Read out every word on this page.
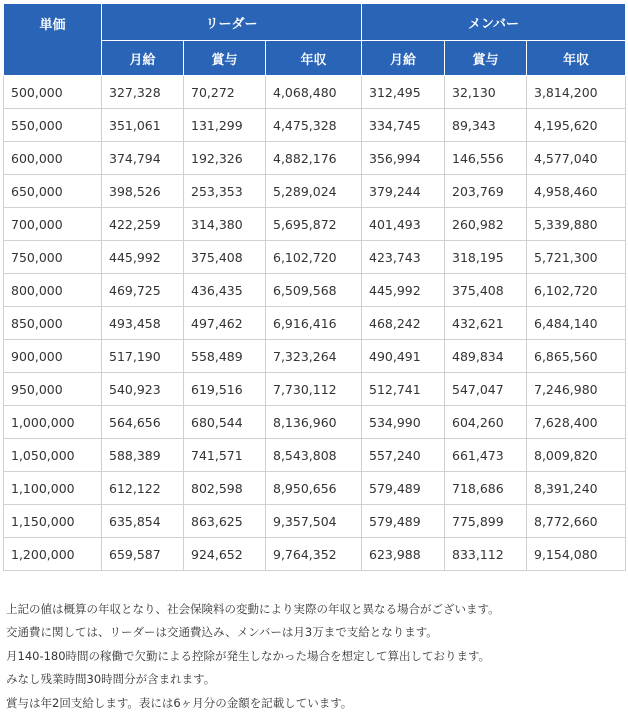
単価	リーダー			メンバー		
	月給	賞与	年収	月給	賞与	年収
500,000	327,328	70,272	4,068,480	312,495	32,130	3,814,200
550,000	351,061	131,299	4,475,328	334,745	89,343	4,195,620
600,000	374,794	192,326	4,882,176	356,994	146,556	4,577,040
650,000	398,526	253,353	5,289,024	379,244	203,769	4,958,460
700,000	422,259	314,380	5,695,872	401,493	260,982	5,339,880
750,000	445,992	375,408	6,102,720	423,743	318,195	5,721,300
800,000	469,725	436,435	6,509,568	445,992	375,408	6,102,720
850,000	493,458	497,462	6,916,416	468,242	432,621	6,484,140
900,000	517,190	558,489	7,323,264	490,491	489,834	6,865,560
950,000	540,923	619,516	7,730,112	512,741	547,047	7,246,980
1,000,000	564,656	680,544	8,136,960	534,990	604,260	7,628,400
1,050,000	588,389	741,571	8,543,808	557,240	661,473	8,009,820
1,100,000	612,122	802,598	8,950,656	579,489	718,686	8,391,240
1,150,000	635,854	863,625	9,357,504	579,489	775,899	8,772,660
1,200,000	659,587	924,652	9,764,352	623,988	833,112	9,154,080
上記の値は概算の年収となり、社会保険料の変動により実際の年収と異なる場合がございます。
交通費に関しては、リーダーは交通費込み、メンバーは月3万まで支給となります。
月140-180時間の稼働で欠勤による控除が発生しなかった場合を想定して算出しております。
みなし残業時間30時間分が含まれます。
賞与は年2回支給します。表には6ヶ月分の金額を記載しています。
